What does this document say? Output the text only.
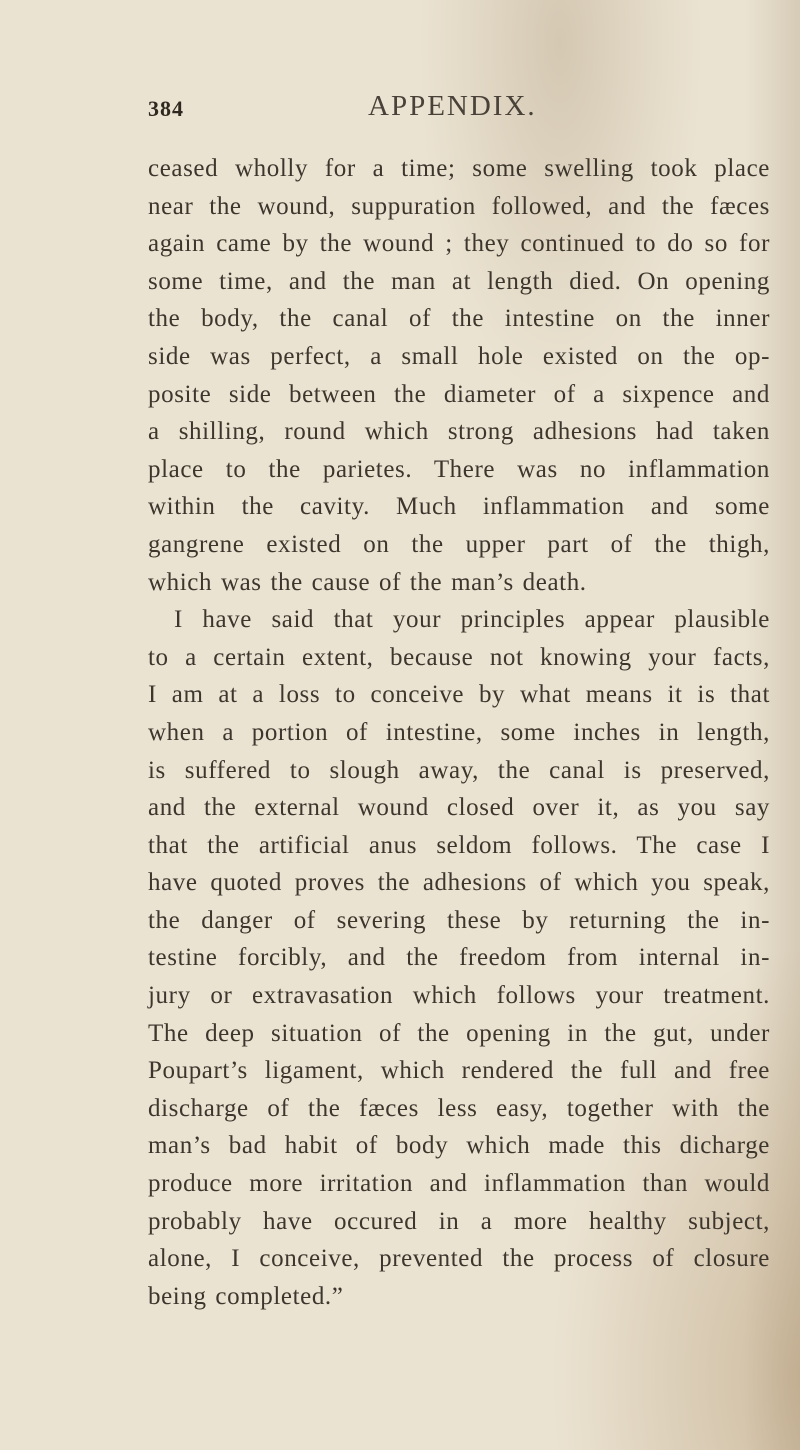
384	APPENDIX.
ceased wholly for a time; some swelling took place
near the wound, suppuration followed, and the fæces
again came by the wound ; they continued to do so for
some time, and the man at length died. On opening
the body, the canal of the intestine on the inner
side was perfect, a small hole existed on the op-
posite side between the diameter of a sixpence and
a shilling, round which strong adhesions had taken
place to the parietes. There was no inflammation
within the cavity. Much inflammation and some
gangrene existed on the upper part of the thigh,
which was the cause of the man’s death.
I have said that your principles appear plausible
to a certain extent, because not knowing your facts,
I am at a loss to conceive by what means it is that
when a portion of intestine, some inches in length,
is suffered to slough away, the canal is preserved,
and the external wound closed over it, as you say
that the artificial anus seldom follows. The case I
have quoted proves the adhesions of which you speak,
the danger of severing these by returning the in-
testine forcibly, and the freedom from internal in-
jury or extravasation which follows your treatment.
The deep situation of the opening in the gut, under
Poupart’s ligament, which rendered the full and free
discharge of the fæces less easy, together with the
man’s bad habit of body which made this dicharge
produce more irritation and inflammation than would
probably have occured in a more healthy subject,
alone, I conceive, prevented the process of closure
being completed.”
